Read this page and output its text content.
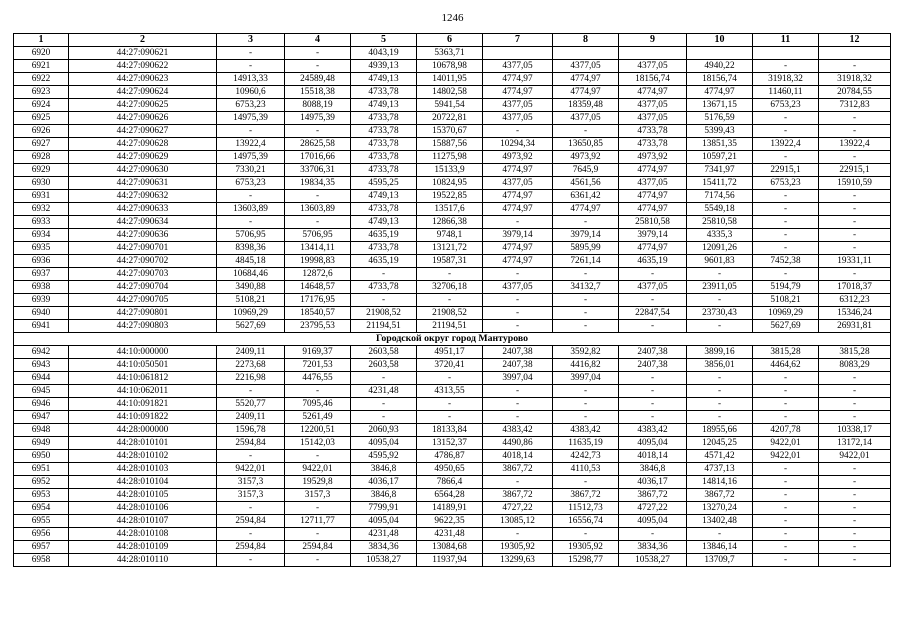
1246
1	2	3	4	5	6	7	8	9	10	11	12
6920	44:27:090621	-	-	4043,19	5363,71						
6921	44:27:090622	-	-	4939,13	10678,98	4377,05	4377,05	4377,05	4940,22	-	-
6922	44:27:090623	14913,33	24589,48	4749,13	14011,95	4774,97	4774,97	18156,74	18156,74	31918,32	31918,32
6923	44:27:090624	10960,6	15518,38	4733,78	14802,58	4774,97	4774,97	4774,97	4774,97	11460,11	20784,55
6924	44:27:090625	6753,23	8088,19	4749,13	5941,54	4377,05	18359,48	4377,05	13671,15	6753,23	7312,83
6925	44:27:090626	14975,39	14975,39	4733,78	20722,81	4377,05	4377,05	4377,05	5176,59	-	-
6926	44:27:090627	-	-	4733,78	15370,67	-	-	4733,78	5399,43	-	-
6927	44:27:090628	13922,4	28625,58	4733,78	15887,56	10294,34	13650,85	4733,78	13851,35	13922,4	13922,4
6928	44:27:090629	14975,39	17016,66	4733,78	11275,98	4973,92	4973,92	4973,92	10597,21	-	-
6929	44:27:090630	7330,21	33706,31	4733,78	15133,9	4774,97	7645,9	4774,97	7341,97	22915,1	22915,1
6930	44:27:090631	6753,23	19834,35	4595,25	10824,95	4377,05	4561,56	4377,05	15411,72	6753,23	15910,59
6931	44:27:090632	-	-	4749,13	19522,85	4774,97	6361,42	4774,97	7174,56	-	-
6932	44:27:090633	13603,89	13603,89	4733,78	13517,6	4774,97	4774,97	4774,97	5549,18	-	-
6933	44:27:090634	-	-	4749,13	12866,38	-	-	25810,58	25810,58	-	-
6934	44:27:090636	5706,95	5706,95	4635,19	9748,1	3979,14	3979,14	3979,14	4335,3	-	-
6935	44:27:090701	8398,36	13414,11	4733,78	13121,72	4774,97	5895,99	4774,97	12091,26	-	-
6936	44:27:090702	4845,18	19998,83	4635,19	19587,31	4774,97	7261,14	4635,19	9601,83	7452,38	19331,11
6937	44:27:090703	10684,46	12872,6	-	-	-	-	-	-	-	-
6938	44:27:090704	3490,88	14648,57	4733,78	32706,18	4377,05	34132,7	4377,05	23911,05	5194,79	17018,37
6939	44:27:090705	5108,21	17176,95	-	-	-	-	-	-	5108,21	6312,23
6940	44:27:090801	10969,29	18540,57	21908,52	21908,52	-	-	22847,54	23730,43	10969,29	15346,24
6941	44:27:090803	5627,69	23795,53	21194,51	21194,51	-	-	-	-	5627,69	26931,81
Городской округ город Мантурово											
6942	44:10:000000	2409,11	9169,37	2603,58	4951,17	2407,38	3592,82	2407,38	3899,16	3815,28	3815,28
6943	44:10:050501	2273,68	7201,53	2603,58	3720,41	2407,38	4416,82	2407,38	3856,01	4464,62	8083,29
6944	44:10:061812	2216,98	4476,55	-	-	3997,04	3997,04	-	-	-	-
6945	44:10:062011	-	-	4231,48	4313,55	-	-	-	-	-	-
6946	44:10:091821	5520,77	7095,46	-	-	-	-	-	-	-	-
6947	44:10:091822	2409,11	5261,49	-	-	-	-	-	-	-	-
6948	44:28:000000	1596,78	12200,51	2060,93	18133,84	4383,42	4383,42	4383,42	18955,66	4207,78	10338,17
6949	44:28:010101	2594,84	15142,03	4095,04	13152,37	4490,86	11635,19	4095,04	12045,25	9422,01	13172,14
6950	44:28:010102	-	-	4595,92	4786,87	4018,14	4242,73	4018,14	4571,42	9422,01	9422,01
6951	44:28:010103	9422,01	9422,01	3846,8	4950,65	3867,72	4110,53	3846,8	4737,13	-	-
6952	44:28:010104	3157,3	19529,8	4036,17	7866,4	-	-	4036,17	14814,16	-	-
6953	44:28:010105	3157,3	3157,3	3846,8	6564,28	3867,72	3867,72	3867,72	3867,72	-	-
6954	44:28:010106	-	-	7799,91	14189,91	4727,22	11512,73	4727,22	13270,24	-	-
6955	44:28:010107	2594,84	12711,77	4095,04	9622,35	13085,12	16556,74	4095,04	13402,48	-	-
6956	44:28:010108	-	-	4231,48	4231,48	-	-	-	-	-	-
6957	44:28:010109	2594,84	2594,84	3834,36	13084,68	19305,92	19305,92	3834,36	13846,14	-	-
6958	44:28:010110	-	-	10538,27	11937,94	13299,63	15298,77	10538,27	13709,7	-	-
